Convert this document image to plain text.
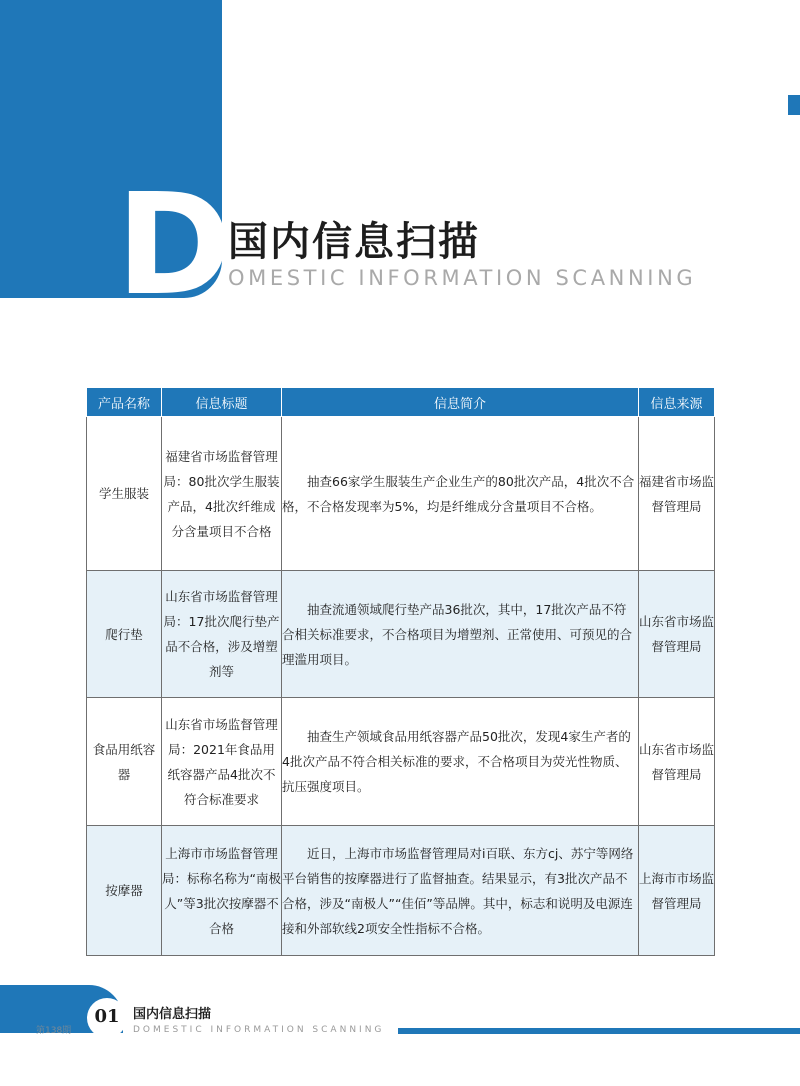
D 国内信息扫描
OMESTIC INFORMATION SCANNING
产品名称	信息标题	信息简介	信息来源
学生服装	福建省市场监督管理局：80批次学生服装产品，4批次纤维成分含量项目不合格	抽查66家学生服装生产企业生产的80批次产品，4批次不合格，不合格发现率为5%，均是纤维成分含量项目不合格。	福建省市场监督管理局
爬行垫	山东省市场监督管理局：17批次爬行垫产品不合格，涉及增塑剂等	抽查流通领域爬行垫产品36批次，其中，17批次产品不符合相关标准要求，不合格项目为增塑剂、正常使用、可预见的合理滥用项目。	山东省市场监督管理局
食品用纸容器	山东省市场监督管理局：2021年食品用纸容器产品4批次不符合标准要求	抽查生产领域食品用纸容器产品50批次，发现4家生产者的4批次产品不符合相关标准的要求，不合格项目为荧光性物质、抗压强度项目。	山东省市场监督管理局
按摩器	上海市市场监督管理局：标称名称为“南极人”等3批次按摩器不合格	近日，上海市市场监督管理局对i百联、东方cj、苏宁等网络平台销售的按摩器进行了监督抽查。结果显示，有3批次产品不合格，涉及“南极人”“佳佰”等品牌。其中，标志和说明及电源连接和外部软线2项安全性指标不合格。	上海市市场监督管理局
01
第138期
国内信息扫描
DOMESTIC INFORMATION SCANNING
